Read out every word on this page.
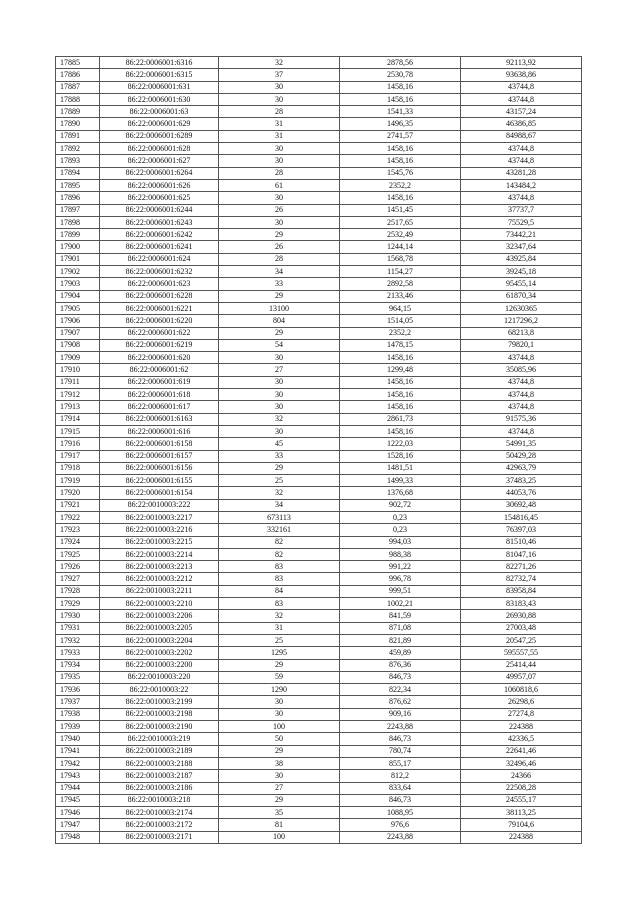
17885	86:22:0006001:6316	32	2878,56	92113,92
17886	86:22:0006001:6315	37	2530,78	93638,86
17887	86:22:0006001:631	30	1458,16	43744,8
17888	86:22:0006001:630	30	1458,16	43744,8
17889	86:22:0006001:63	28	1541,33	43157,24
17890	86:22:0006001:629	31	1496,35	46386,85
17891	86:22:0006001:6289	31	2741,57	84988,67
17892	86:22:0006001:628	30	1458,16	43744,8
17893	86:22:0006001:627	30	1458,16	43744,8
17894	86:22:0006001:6264	28	1545,76	43281,28
17895	86:22:0006001:626	61	2352,2	143484,2
17896	86:22:0006001:625	30	1458,16	43744,8
17897	86:22:0006001:6244	26	1451,45	37737,7
17898	86:22:0006001:6243	30	2517,65	75529,5
17899	86:22:0006001:6242	29	2532,49	73442,21
17900	86:22:0006001:6241	26	1244,14	32347,64
17901	86:22:0006001:624	28	1568,78	43925,84
17902	86:22:0006001:6232	34	1154,27	39245,18
17903	86:22:0006001:623	33	2892,58	95455,14
17904	86:22:0006001:6228	29	2133,46	61870,34
17905	86:22:0006001:6221	13100	964,15	12630365
17906	86:22:0006001:6220	804	1514,05	1217296,2
17907	86:22:0006001:622	29	2352,2	68213,8
17908	86:22:0006001:6219	54	1478,15	79820,1
17909	86:22:0006001:620	30	1458,16	43744,8
17910	86:22:0006001:62	27	1299,48	35085,96
17911	86:22:0006001:619	30	1458,16	43744,8
17912	86:22:0006001:618	30	1458,16	43744,8
17913	86:22:0006001:617	30	1458,16	43744,8
17914	86:22:0006001:6163	32	2861,73	91575,36
17915	86:22:0006001:616	30	1458,16	43744,8
17916	86:22:0006001:6158	45	1222,03	54991,35
17917	86:22:0006001:6157	33	1528,16	50429,28
17918	86:22:0006001:6156	29	1481,51	42963,79
17919	86:22:0006001:6155	25	1499,33	37483,25
17920	86:22:0006001:6154	32	1376,68	44053,76
17921	86:22:0010003:222	34	902,72	30692,48
17922	86:22:0010003:2217	673113	0,23	154816,45
17923	86:22:0010003:2216	332161	0,23	76397,03
17924	86:22:0010003:2215	82	994,03	81510,46
17925	86:22:0010003:2214	82	988,38	81047,16
17926	86:22:0010003:2213	83	991,22	82271,26
17927	86:22:0010003:2212	83	996,78	82732,74
17928	86:22:0010003:2211	84	999,51	83958,84
17929	86:22:0010003:2210	83	1002,21	83183,43
17930	86:22:0010003:2206	32	841,59	26930,88
17931	86:22:0010003:2205	31	871,08	27003,48
17932	86:22:0010003:2204	25	821,89	20547,25
17933	86:22:0010003:2202	1295	459,89	595557,55
17934	86:22:0010003:2200	29	876,36	25414,44
17935	86:22:0010003:220	59	846,73	49957,07
17936	86:22:0010003:22	1290	822,34	1060818,6
17937	86:22:0010003:2199	30	876,62	26298,6
17938	86:22:0010003:2198	30	909,16	27274,8
17939	86:22:0010003:2190	100	2243,88	224388
17940	86:22:0010003:219	50	846,73	42336,5
17941	86:22:0010003:2189	29	780,74	22641,46
17942	86:22:0010003:2188	38	855,17	32496,46
17943	86:22:0010003:2187	30	812,2	24366
17944	86:22:0010003:2186	27	833,64	22508,28
17945	86:22:0010003:218	29	846,73	24555,17
17946	86:22:0010003:2174	35	1088,95	38113,25
17947	86:22:0010003:2172	81	976,6	79104,6
17948	86:22:0010003:2171	100	2243,88	224388
